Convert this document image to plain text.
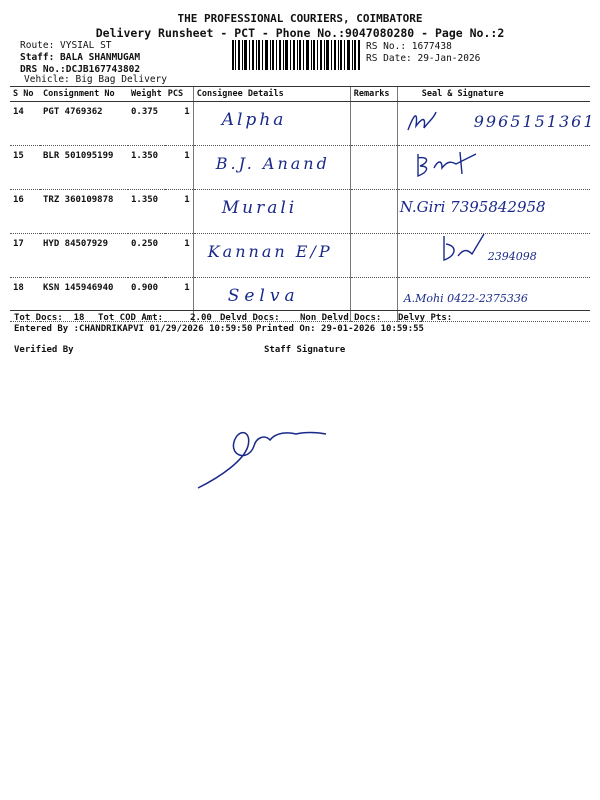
THE PROFESSIONAL COURIERS, COIMBATORE
Delivery Runsheet - PCT - Phone No.:9047080280 - Page No.:2
Route: VYSIAL ST
Staff: BALA SHANMUGAM
DRS No.:DCJB167743802
Vehicle: Big Bag Delivery
RS No.: 1677438
RS Date: 29-Jan-2026
S No	Consignment No	Weight	PCS	Consignee Details	Remarks	Seal & Signature
14	PGT 4769362	0.375	1	Alpha		9965151361

15	BLR 501095199	1.350	1	B.J. Anand		

16	TRZ 360109878	1.350	1	Murali		N.Giri 7395842958

17	HYD 84507929	0.250	1	Kannan E/P		2394098

18	KSN 145946940	0.900	1	Selva		A.Mohi 0422-2375336
Tot Docs:  18 Tot COD Amt:     2.00 Delvd Docs: Non Delvd Docs: Delvy Pts:
Entered By :CHANDRIKAPVI 01/29/2026 10:59:50 Printed On: 29-01-2026 10:59:55
Verified By	Staff Signature
